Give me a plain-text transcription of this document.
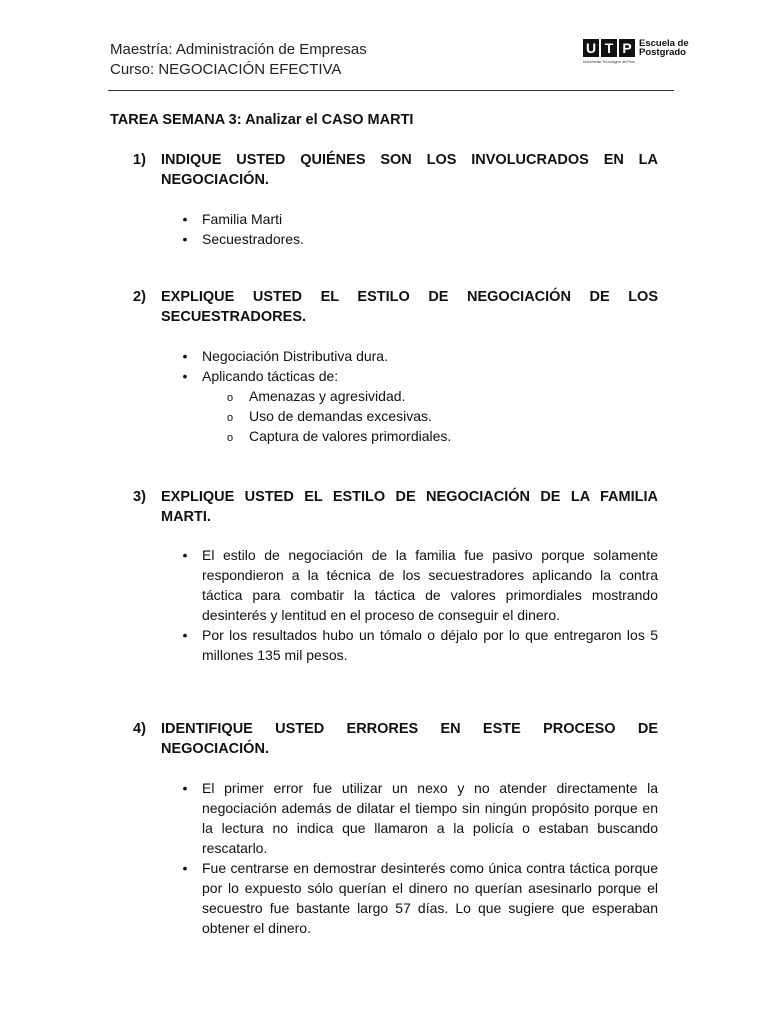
Maestría: Administración de Empresas
Curso: NEGOCIACIÓN EFECTIVA
U T P Escuela de
Postgrado
Universidad Tecnológica del Perú
TAREA SEMANA 3: Analizar el CASO MARTI
1) INDIQUE USTED QUIÉNES SON LOS INVOLUCRADOS EN LA NEGOCIACIÓN.
• Familia Marti
• Secuestradores.
2) EXPLIQUE USTED EL ESTILO DE NEGOCIACIÓN DE LOS SECUESTRADORES.
• Negociación Distributiva dura.
• Aplicando tácticas de:
o Amenazas y agresividad.
o Uso de demandas excesivas.
o Captura de valores primordiales.
3) EXPLIQUE USTED EL ESTILO DE NEGOCIACIÓN DE LA FAMILIA MARTI.
• El estilo de negociación de la familia fue pasivo porque solamente respondieron a la técnica de los secuestradores aplicando la contra táctica para combatir la táctica de valores primordiales mostrando desinterés y lentitud en el proceso de conseguir el dinero.
• Por los resultados hubo un tómalo o déjalo por lo que entregaron los 5 millones 135 mil pesos.
4) IDENTIFIQUE USTED ERRORES EN ESTE PROCESO DE NEGOCIACIÓN.
• El primer error fue utilizar un nexo y no atender directamente la negociación además de dilatar el tiempo sin ningún propósito porque en la lectura no indica que llamaron a la policía o estaban buscando rescatarlo.
• Fue centrarse en demostrar desinterés como única contra táctica porque por lo expuesto sólo querían el dinero no querían asesinarlo porque el secuestro fue bastante largo 57 días. Lo que sugiere que esperaban obtener el dinero.
